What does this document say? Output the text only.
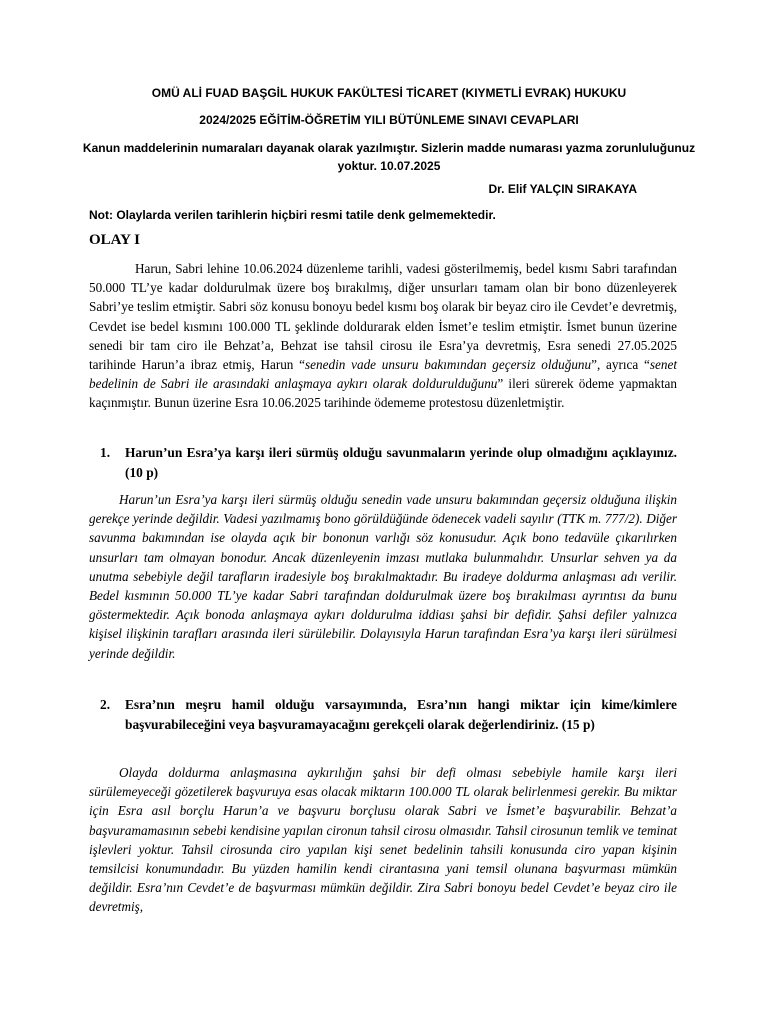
OMÜ ALİ FUAD BAŞGİL HUKUK FAKÜLTESİ TİCARET (KIYMETLİ EVRAK) HUKUKU
2024/2025 EĞİTİM-ÖĞRETİM YILI BÜTÜNLEME SINAVI CEVAPLARI
Kanun maddelerinin numaraları dayanak olarak yazılmıştır. Sizlerin madde numarası yazma zorunluluğunuz yoktur. 10.07.2025
Dr. Elif YALÇIN SIRAKAYA
Not: Olaylarda verilen tarihlerin hiçbiri resmi tatile denk gelmemektedir.
OLAY I

Harun, Sabri lehine 10.06.2024 düzenleme tarihli, vadesi gösterilmemiş, bedel kısmı Sabri tarafından 50.000 TL’ye kadar doldurulmak üzere boş bırakılmış, diğer unsurları tamam olan bir bono düzenleyerek Sabri’ye teslim etmiştir. Sabri söz konusu bonoyu bedel kısmı boş olarak bir beyaz ciro ile Cevdet’e devretmiş, Cevdet ise bedel kısmını 100.000 TL şeklinde doldurarak elden İsmet’e teslim etmiştir. İsmet bunun üzerine senedi bir tam ciro ile Behzat’a, Behzat ise tahsil cirosu ile Esra’ya devretmiş, Esra senedi 27.05.2025 tarihinde Harun’a ibraz etmiş, Harun “senedin vade unsuru bakımından geçersiz olduğunu”, ayrıca “senet bedelinin de Sabri ile arasındaki anlaşmaya aykırı olarak doldurulduğunu” ileri sürerek ödeme yapmaktan kaçınmıştır. Bunun üzerine Esra 10.06.2025 tarihinde ödememe protestosu düzenletmiştir.

1. Harun’un Esra’ya karşı ileri sürmüş olduğu savunmaların yerinde olup olmadığını açıklayınız. (10 p)

Harun’un Esra’ya karşı ileri sürmüş olduğu senedin vade unsuru bakımından geçersiz olduğuna ilişkin gerekçe yerinde değildir. Vadesi yazılmamış bono görüldüğünde ödenecek vadeli sayılır (TTK m. 777/2). Diğer savunma bakımından ise olayda açık bir bononun varlığı söz konusudur. Açık bono tedavüle çıkarılırken unsurları tam olmayan bonodur. Ancak düzenleyenin imzası mutlaka bulunmalıdır. Unsurlar sehven ya da unutma sebebiyle değil tarafların iradesiyle boş bırakılmaktadır. Bu iradeye doldurma anlaşması adı verilir. Bedel kısmının 50.000 TL’ye kadar Sabri tarafından doldurulmak üzere boş bırakılması ayrıntısı da bunu göstermektedir. Açık bonoda anlaşmaya aykırı doldurulma iddiası şahsi bir defidir. Şahsi defiler yalnızca kişisel ilişkinin tarafları arasında ileri sürülebilir. Dolayısıyla Harun tarafından Esra’ya karşı ileri sürülmesi yerinde değildir.

2. Esra’nın meşru hamil olduğu varsayımında, Esra’nın hangi miktar için kime/kimlere başvurabileceğini veya başvuramayacağını gerekçeli olarak değerlendiriniz. (15 p)

Olayda doldurma anlaşmasına aykırılığın şahsi bir defi olması sebebiyle hamile karşı ileri sürülemeyeceği gözetilerek başvuruya esas olacak miktarın 100.000 TL olarak belirlenmesi gerekir. Bu miktar için Esra asıl borçlu Harun’a ve başvuru borçlusu olarak Sabri ve İsmet’e başvurabilir. Behzat’a başvuramamasının sebebi kendisine yapılan cironun tahsil cirosu olmasıdır. Tahsil cirosunun temlik ve teminat işlevleri yoktur. Tahsil cirosunda ciro yapılan kişi senet bedelinin tahsili konusunda ciro yapan kişinin temsilcisi konumundadır. Bu yüzden hamilin kendi cirantasına yani temsil olunana başvurması mümkün değildir. Esra’nın Cevdet’e de başvurması mümkün değildir. Zira Sabri bonoyu bedel Cevdet’e beyaz ciro ile devretmiş,
